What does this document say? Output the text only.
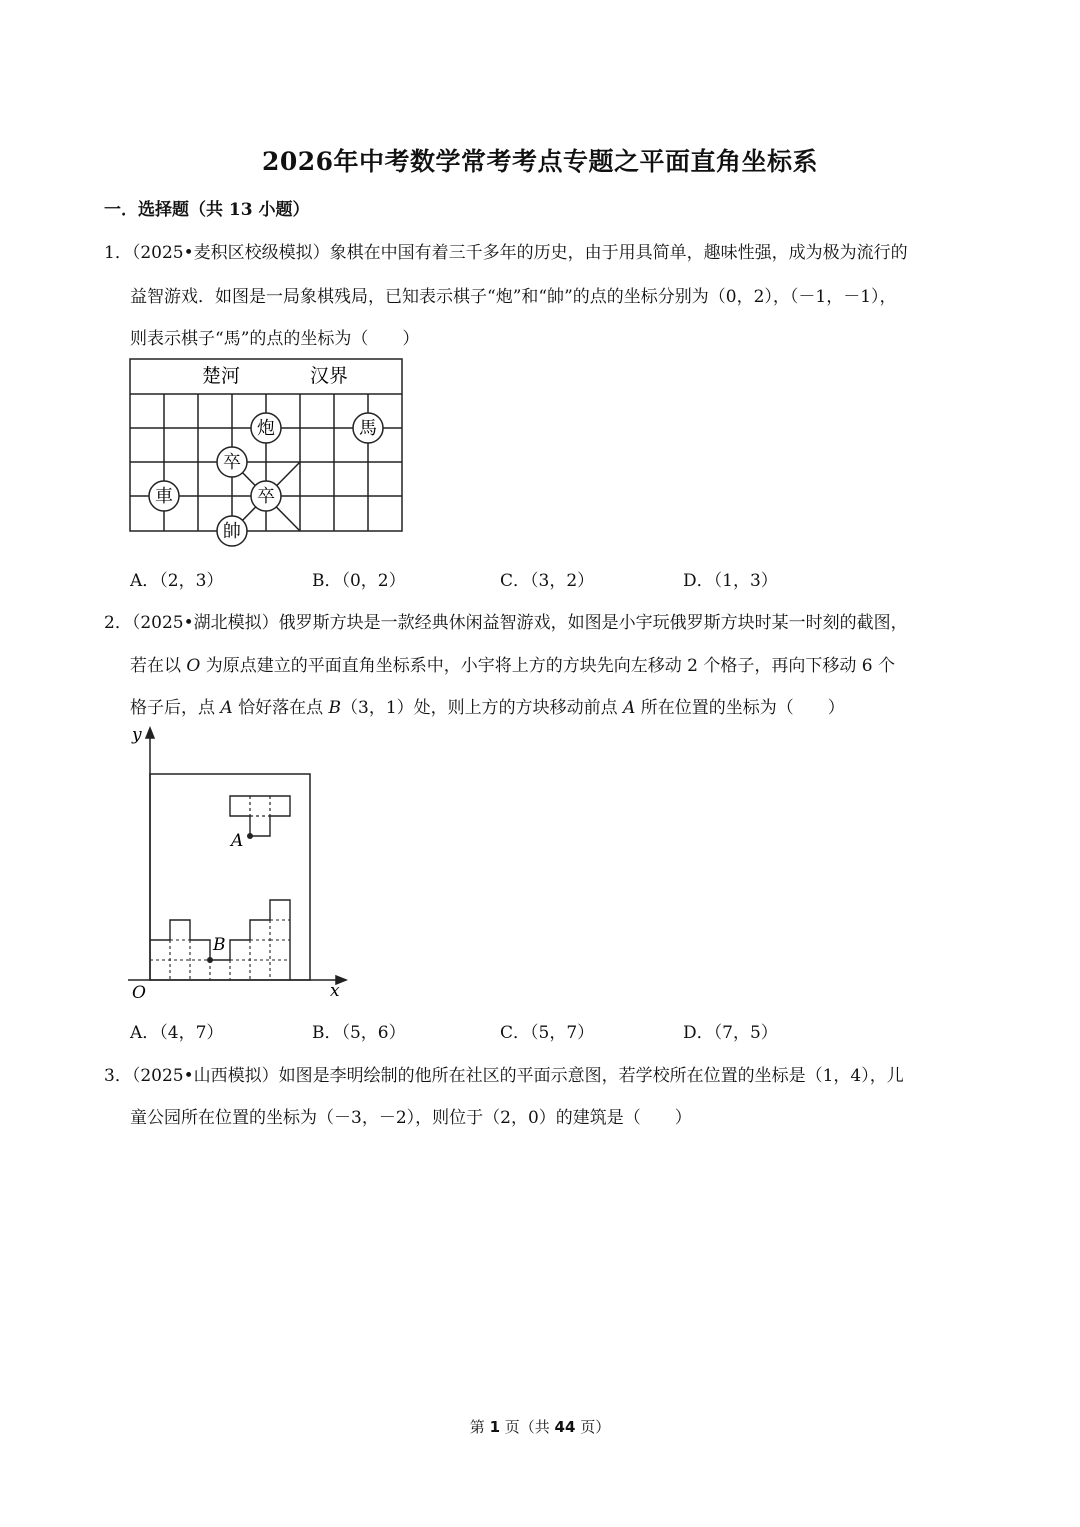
2026年中考数学常考考点专题之平面直角坐标系
一．选择题（共 13 小题）
1．（2025•麦积区校级模拟）象棋在中国有着三千多年的历史，由于用具简单，趣味性强，成为极为流行的
益智游戏．如图是一局象棋残局，已知表示棋子“炮”和“帥”的点的坐标分别为（0，2），（－1，－1），
则表示棋子“馬”的点的坐标为（　　）
楚河	汉界
炮	馬
卒
卒
車
帥
A．（2，3）	B．（0，2）	C．（3，2）	D．（1，3）
2．（2025•湖北模拟）俄罗斯方块是一款经典休闲益智游戏，如图是小宇玩俄罗斯方块时某一时刻的截图，
若在以 O 为原点建立的平面直角坐标系中，小宇将上方的方块先向左移动 2 个格子，再向下移动 6 个
格子后，点 A 恰好落在点 B（3，1）处，则上方的方块移动前点 A 所在位置的坐标为（　　）
y
x
O
A
B
A．（4，7）	B．（5，6）	C．（5，7）	D．（7，5）
3．（2025•山西模拟）如图是李明绘制的他所在社区的平面示意图，若学校所在位置的坐标是（1，4），儿
童公园所在位置的坐标为（－3，－2），则位于（2，0）的建筑是（　　）
第 1 页（共 44 页）
